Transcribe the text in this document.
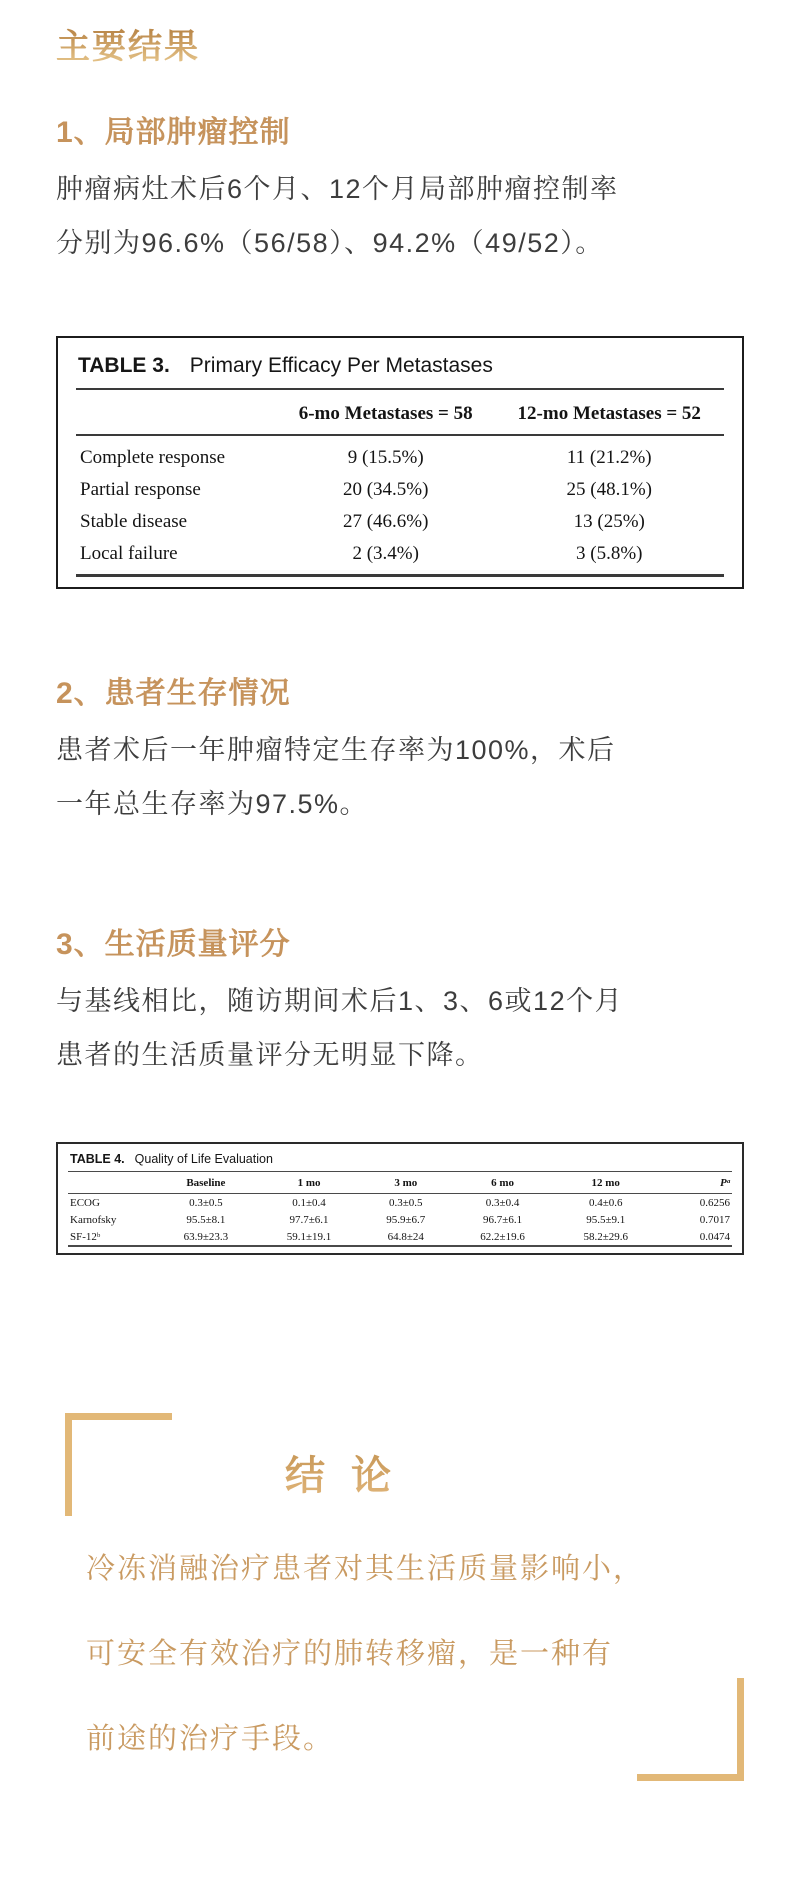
主要结果
1、局部肿瘤控制
肿瘤病灶术后6个月、12个月局部肿瘤控制率
分别为96.6%（56/58）、94.2%（49/52）。
TABLE 3. Primary Efficacy Per Metastases
	6-mo Metastases = 58	12-mo Metastases = 52
Complete response	9 (15.5%)	11 (21.2%)
Partial response	20 (34.5%)	25 (48.1%)
Stable disease	27 (46.6%)	13 (25%)
Local failure	2 (3.4%)	3 (5.8%)
2、患者生存情况
患者术后一年肿瘤特定生存率为100%，术后
一年总生存率为97.5%。
3、生活质量评分
与基线相比，随访期间术后1、3、6或12个月
患者的生活质量评分无明显下降。
TABLE 4. Quality of Life Evaluation
	Baseline	1 mo	3 mo	6 mo	12 mo	Pᵃ
ECOG	0.3±0.5	0.1±0.4	0.3±0.5	0.3±0.4	0.4±0.6	0.6256
Karnofsky	95.5±8.1	97.7±6.1	95.9±6.7	96.7±6.1	95.5±9.1	0.7017
SF-12ᵇ	63.9±23.3	59.1±19.1	64.8±24	62.2±19.6	58.2±29.6	0.0474
结 论
冷冻消融治疗患者对其生活质量影响小，
可安全有效治疗的肺转移瘤，是一种有
前途的治疗手段。
